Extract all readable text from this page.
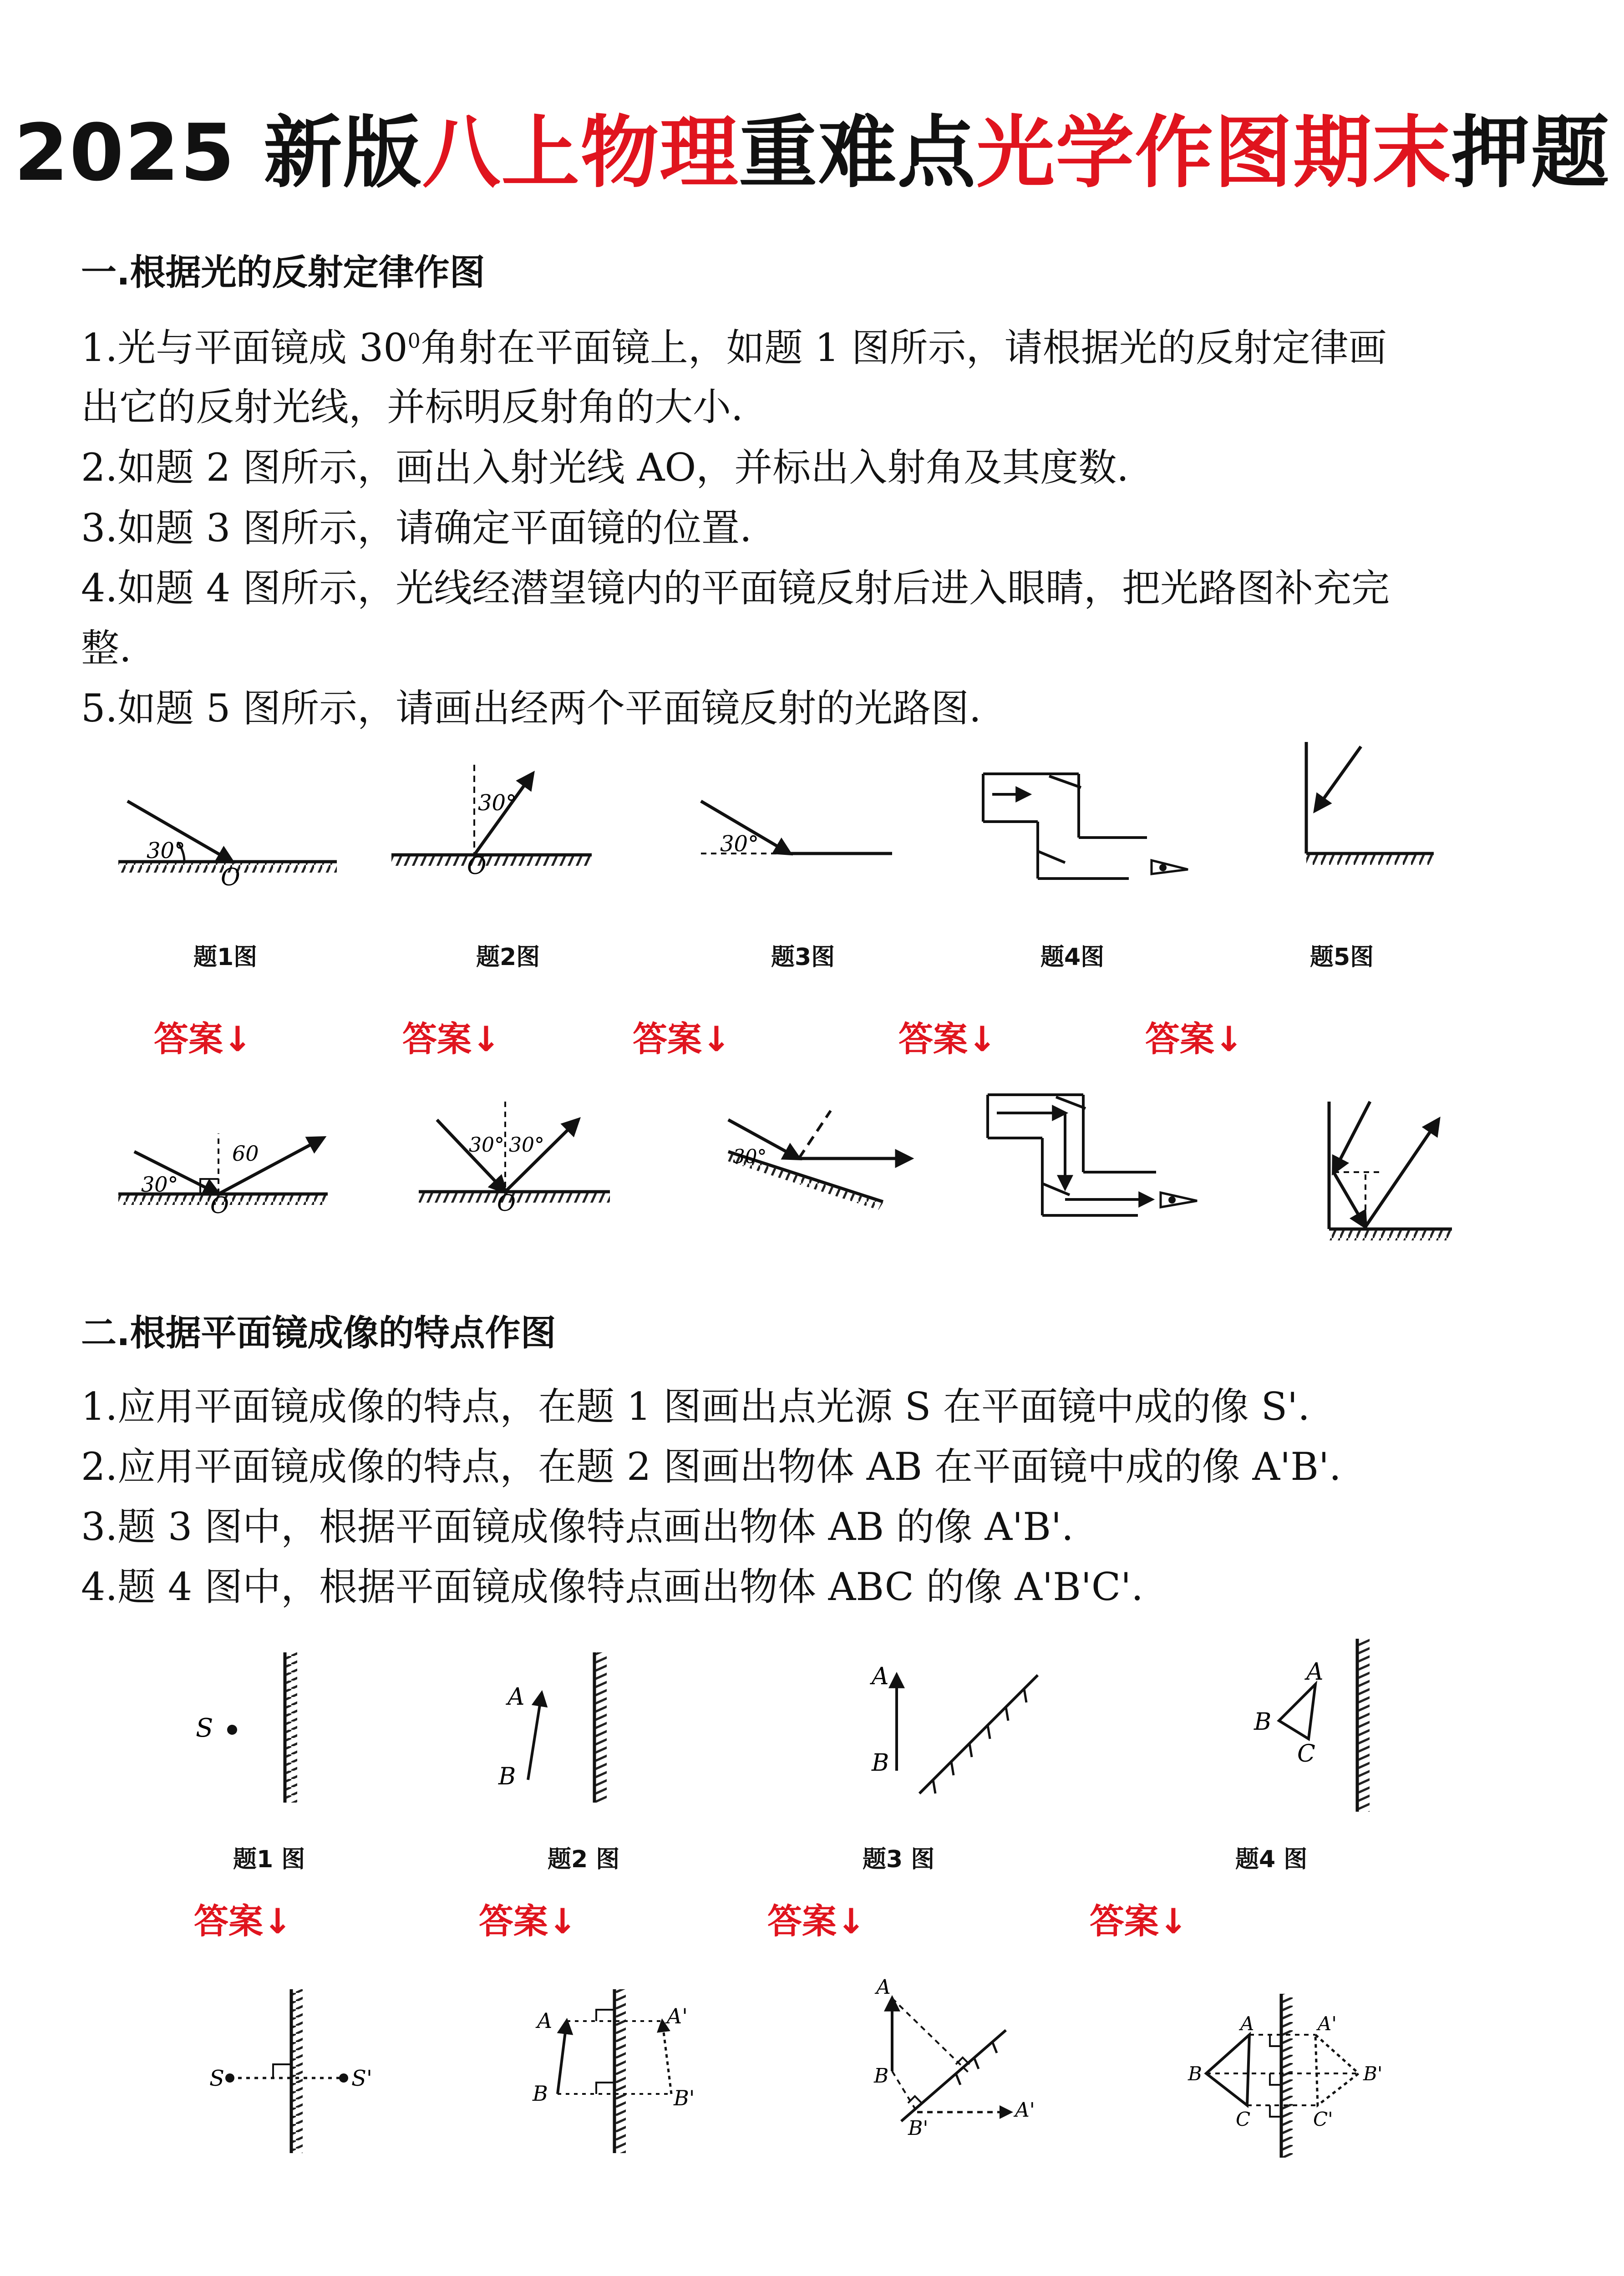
2025 新版八上物理重难点光学作图期末押题
一.根据光的反射定律作图
1.光与平面镜成 $30^0$角射在平面镜上，如题 1 图所示，请根据光的反射定律画
出它的反射光线，并标明反射角的大小.
2.如题 2 图所示，画出入射光线 AO，并标出入射角及其度数.
3.如题 3 图所示，请确定平面镜的位置.
4.如题 4 图所示，光线经潜望镜内的平面镜反射后进入眼睛，把光路图补充完
整.
5.如题 5 图所示，请画出经两个平面镜反射的光路图.
30°
O
30°
O
30°
题1图	题2图	题3图	题4图	题5图
答案↓	答案↓	答案↓	答案↓	答案↓
30°
60
O
30° 30°
O
30°
二.根据平面镜成像的特点作图
1.应用平面镜成像的特点，在题 1 图画出点光源 S 在平面镜中成的像 S'.
2.应用平面镜成像的特点，在题 2 图画出物体 AB 在平面镜中成的像 A'B'.
3.题 3 图中，根据平面镜成像特点画出物体 AB 的像 A'B'.
4.题 4 图中，根据平面镜成像特点画出物体 ABC 的像 A'B'C'.
S
A
B
A
B
A
B
C
题1 图	题2 图	题3 图	题4 图
答案↓	答案↓	答案↓	答案↓
S	S'
A
B
A'
B'
A
B
B'
A'
A
B
C
A'
B'
C'
